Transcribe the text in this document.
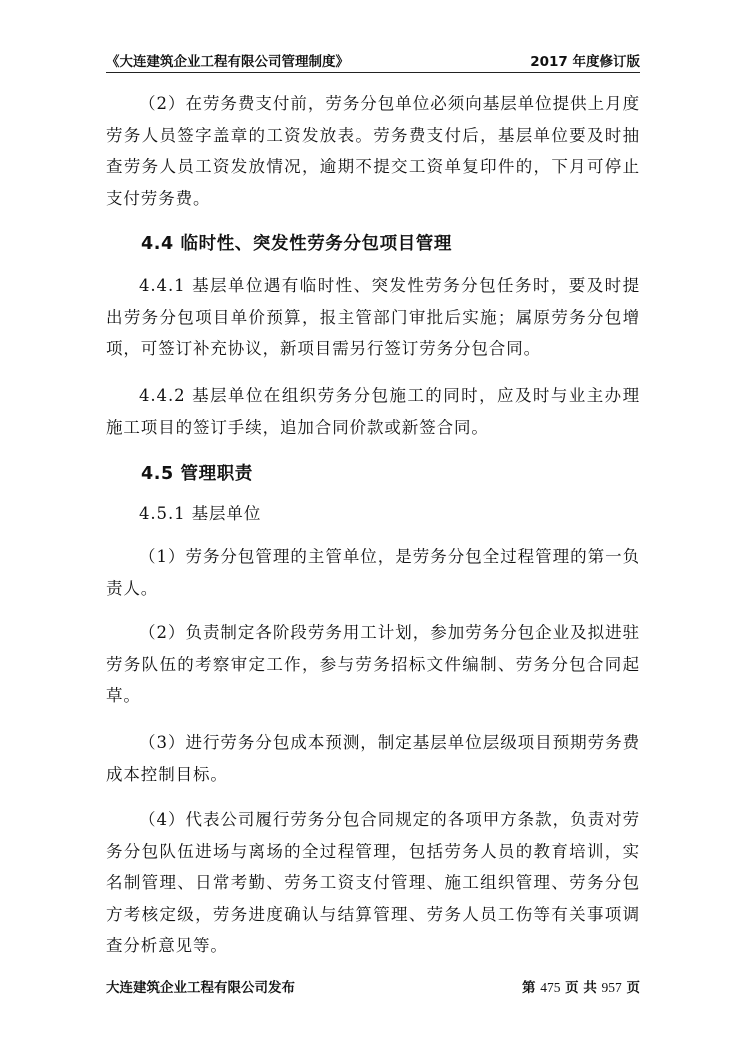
《大连建筑企业工程有限公司管理制度》	2017 年度修订版
（2）在劳务费支付前，劳务分包单位必须向基层单位提供上月度劳务人员签字盖章的工资发放表。劳务费支付后，基层单位要及时抽查劳务人员工资发放情况，逾期不提交工资单复印件的，下月可停止支付劳务费。
4.4 临时性、突发性劳务分包项目管理
4.4.1 基层单位遇有临时性、突发性劳务分包任务时，要及时提出劳务分包项目单价预算，报主管部门审批后实施；属原劳务分包增项，可签订补充协议，新项目需另行签订劳务分包合同。
4.4.2 基层单位在组织劳务分包施工的同时，应及时与业主办理施工项目的签订手续，追加合同价款或新签合同。
4.5 管理职责
4.5.1 基层单位
（1）劳务分包管理的主管单位，是劳务分包全过程管理的第一负责人。
（2）负责制定各阶段劳务用工计划，参加劳务分包企业及拟进驻劳务队伍的考察审定工作，参与劳务招标文件编制、劳务分包合同起草。
（3）进行劳务分包成本预测，制定基层单位层级项目预期劳务费成本控制目标。
（4）代表公司履行劳务分包合同规定的各项甲方条款，负责对劳务分包队伍进场与离场的全过程管理，包括劳务人员的教育培训，实名制管理、日常考勤、劳务工资支付管理、施工组织管理、劳务分包方考核定级，劳务进度确认与结算管理、劳务人员工伤等有关事项调查分析意见等。
大连建筑企业工程有限公司发布	第 475 页 共 957 页
